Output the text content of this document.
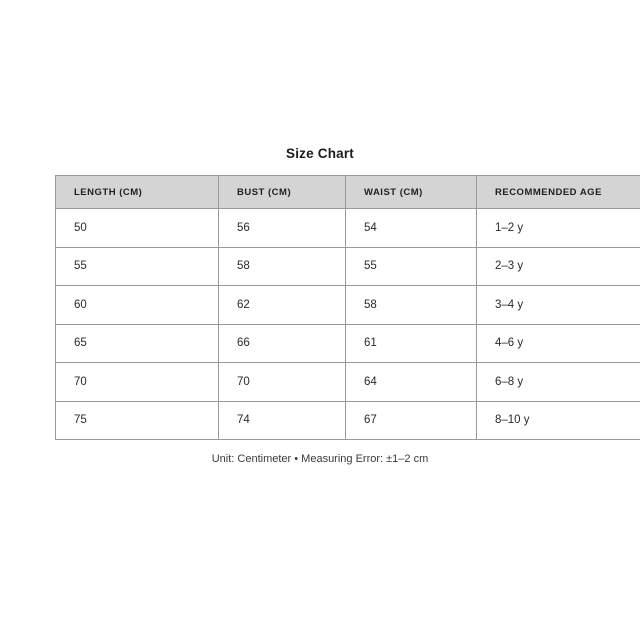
Size Chart
LENGTH (CM)	BUST (CM)	WAIST (CM)	RECOMMENDED AGE
50	56	54	1–2 y
55	58	55	2–3 y
60	62	58	3–4 y
65	66	61	4–6 y
70	70	64	6–8 y
75	74	67	8–10 y
Unit: Centimeter • Measuring Error: ±1–2 cm
